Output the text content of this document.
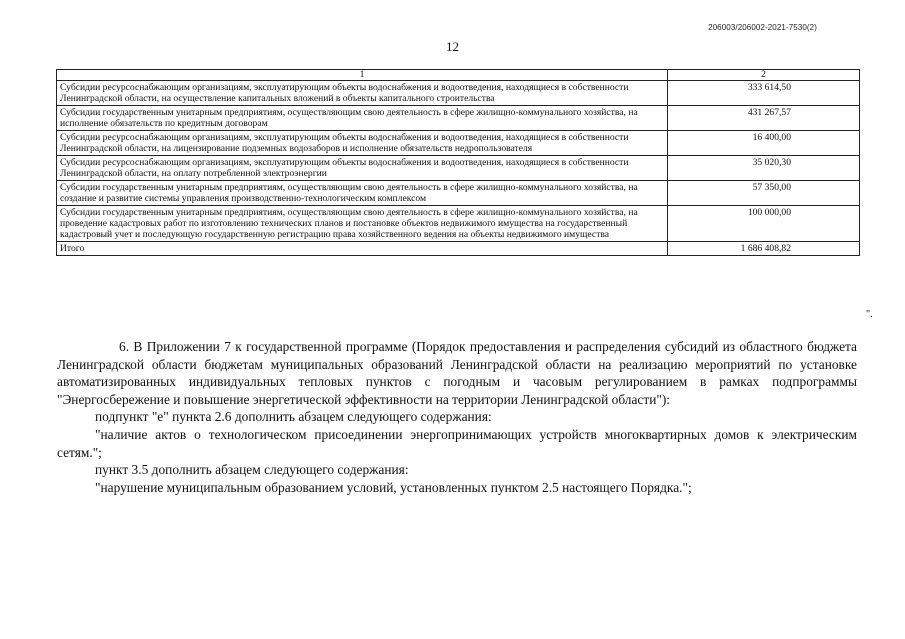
206003/206002-2021-7530(2)
12
1	2
Субсидии ресурсоснабжающим организациям, эксплуатирующим объекты водоснабжения и водоотведения, находящиеся в собственности Ленинградской области, на осуществление капитальных вложений в объекты капитального строительства	333 614,50
Субсидии государственным унитарным предприятиям, осуществляющим свою деятельность в сфере жилищно-коммунального хозяйства, на исполнение обязательств по кредитным договорам	431 267,57
Субсидии ресурсоснабжающим организациям, эксплуатирующим объекты водоснабжения и водоотведения, находящиеся в собственности Ленинградской области, на лицензирование подземных водозаборов и исполнение обязательств недропользователя	16 400,00
Субсидии ресурсоснабжающим организациям, эксплуатирующим объекты водоснабжения и водоотведения, находящиеся в собственности Ленинградской области, на оплату потребленной электроэнергии	35 020,30
Субсидии государственным унитарным предприятиям, осуществляющим свою деятельность в сфере жилищно-коммунального хозяйства, на создание и развитие системы управления производственно-технологическим комплексом	57 350,00
Субсидии государственным унитарным предприятиям, осуществляющим свою деятельность в сфере жилищно-коммунального хозяйства, на проведение кадастровых работ по изготовлению технических планов и постановке объектов недвижимого имущества на государственный кадастровый учет и последующую государственную регистрацию права хозяйственного ведения на объекты недвижимого имущества	100 000,00
Итого	1 686 408,82
".

6. В Приложении 7 к государственной программе (Порядок предоставления и распределения субсидий из областного бюджета Ленинградской области бюджетам муниципальных образований Ленинградской области на реализацию мероприятий по установке автоматизированных индивидуальных тепловых пунктов с погодным и часовым регулированием в рамках подпрограммы "Энергосбережение и повышение энергетической эффективности на территории Ленинградской области"):

подпункт "е" пункта 2.6 дополнить абзацем следующего содержания:

"наличие актов о технологическом присоединении энергопринимающих устройств многоквартирных домов к электрическим сетям.";

пункт 3.5 дополнить абзацем следующего содержания:

"нарушение муниципальным образованием условий, установленных пунктом 2.5 настоящего Порядка.";
